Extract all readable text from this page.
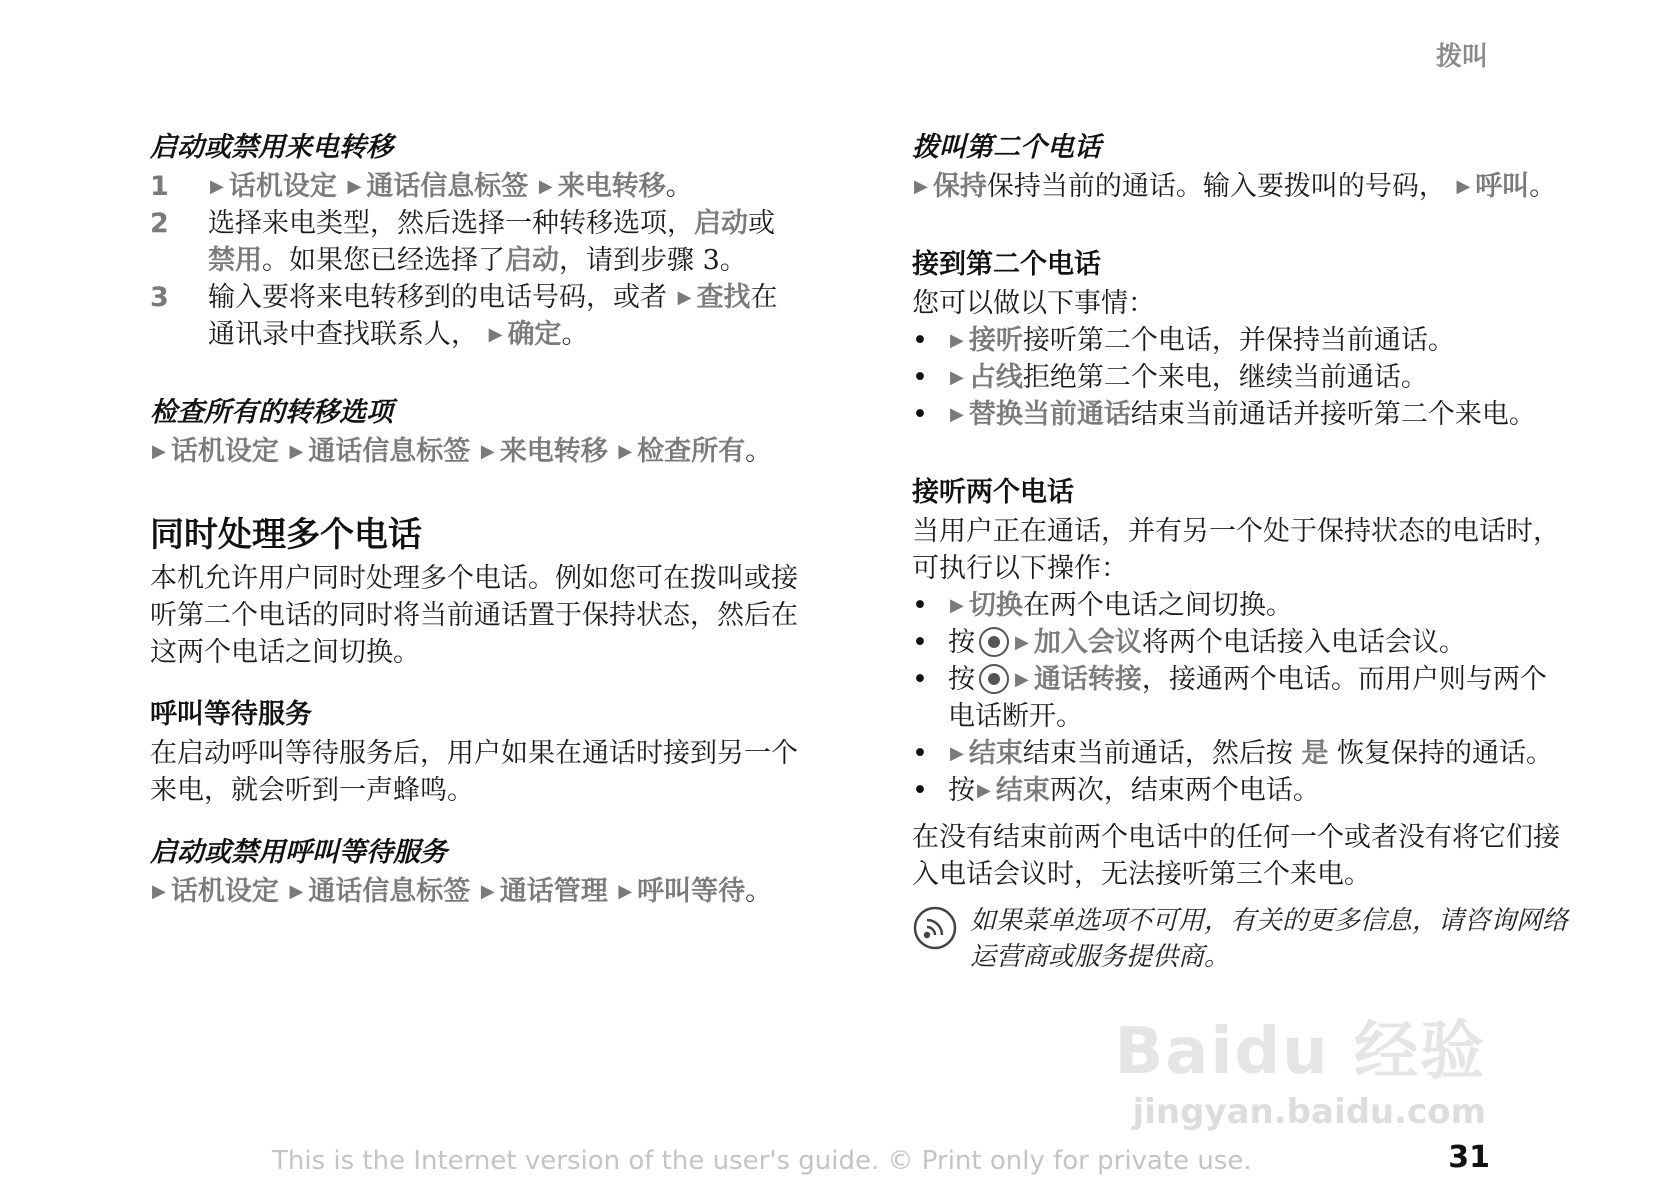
拨叫
启动或禁用来电转移
1 ▶ 话机设定 ▶ 通话信息标签 ▶ 来电转移。
2 选择来电类型，然后选择一种转移选项，启动或禁用。如果您已经选择了启动，请到步骤 3。
3 输入要将来电转移到的电话号码，或者 ▶ 查找在通讯录中查找联系人， ▶ 确定。
检查所有的转移选项
▶ 话机设定 ▶ 通话信息标签 ▶ 来电转移 ▶ 检查所有。
同时处理多个电话
本机允许用户同时处理多个电话。例如您可在拨叫或接听第二个电话的同时将当前通话置于保持状态，然后在这两个电话之间切换。
呼叫等待服务
在启动呼叫等待服务后，用户如果在通话时接到另一个来电，就会听到一声蜂鸣。
启动或禁用呼叫等待服务
▶ 话机设定 ▶ 通话信息标签 ▶ 通话管理 ▶ 呼叫等待。
拨叫第二个电话
▶ 保持保持当前的通话。输入要拨叫的号码， ▶ 呼叫。
接到第二个电话
您可以做以下事情：
• ▶ 接听接听第二个电话，并保持当前通话。
• ▶ 占线拒绝第二个来电，继续当前通话。
• ▶ 替换当前通话结束当前通话并接听第二个来电。
接听两个电话
当用户正在通话，并有另一个处于保持状态的电话时，可执行以下操作：
• ▶ 切换在两个电话之间切换。
• 按 ▶ 加入会议将两个电话接入电话会议。
• 按 ▶ 通话转接，接通两个电话。而用户则与两个电话断开。
• ▶ 结束结束当前通话，然后按 是 恢复保持的通话。
• 按 ▶ 结束两次，结束两个电话。
在没有结束前两个电话中的任何一个或者没有将它们接入电话会议时，无法接听第三个来电。
如果菜单选项不可用，有关的更多信息，请咨询网络运营商或服务提供商。
Baidu 经验
jingyan.baidu.com
This is the Internet version of the user's guide. © Print only for private use.	31
